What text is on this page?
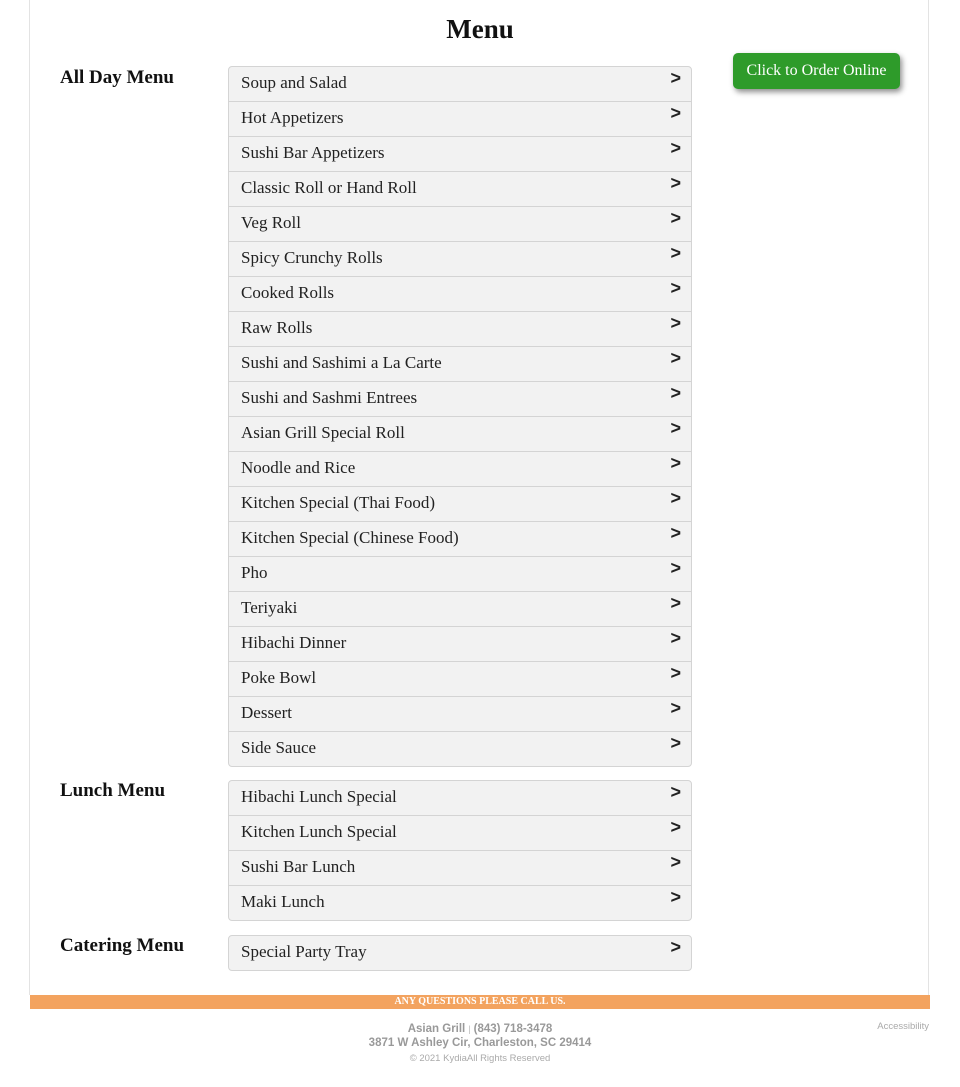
Menu
Click to Order Online
All Day Menu	Soup and Salad	>
Hot Appetizers	>
Sushi Bar Appetizers	>
Classic Roll or Hand Roll	>
Veg Roll	>
Spicy Crunchy Rolls	>
Cooked Rolls	>
Raw Rolls	>
Sushi and Sashimi a La Carte	>
Sushi and Sashmi Entrees	>
Asian Grill Special Roll	>
Noodle and Rice	>
Kitchen Special (Thai Food)	>
Kitchen Special (Chinese Food)	>
Pho	>
Teriyaki	>
Hibachi Dinner	>
Poke Bowl	>
Dessert	>
Side Sauce	>
Lunch Menu	Hibachi Lunch Special	>
Kitchen Lunch Special	>
Sushi Bar Lunch	>
Maki Lunch	>
Catering Menu	Special Party Tray	>
ANY QUESTIONS PLEASE CALL US.
Asian Grill | (843) 718-3478
3871 W Ashley Cir, Charleston, SC 29414
© 2021 KydiaAll Rights Reserved
Accessibility
